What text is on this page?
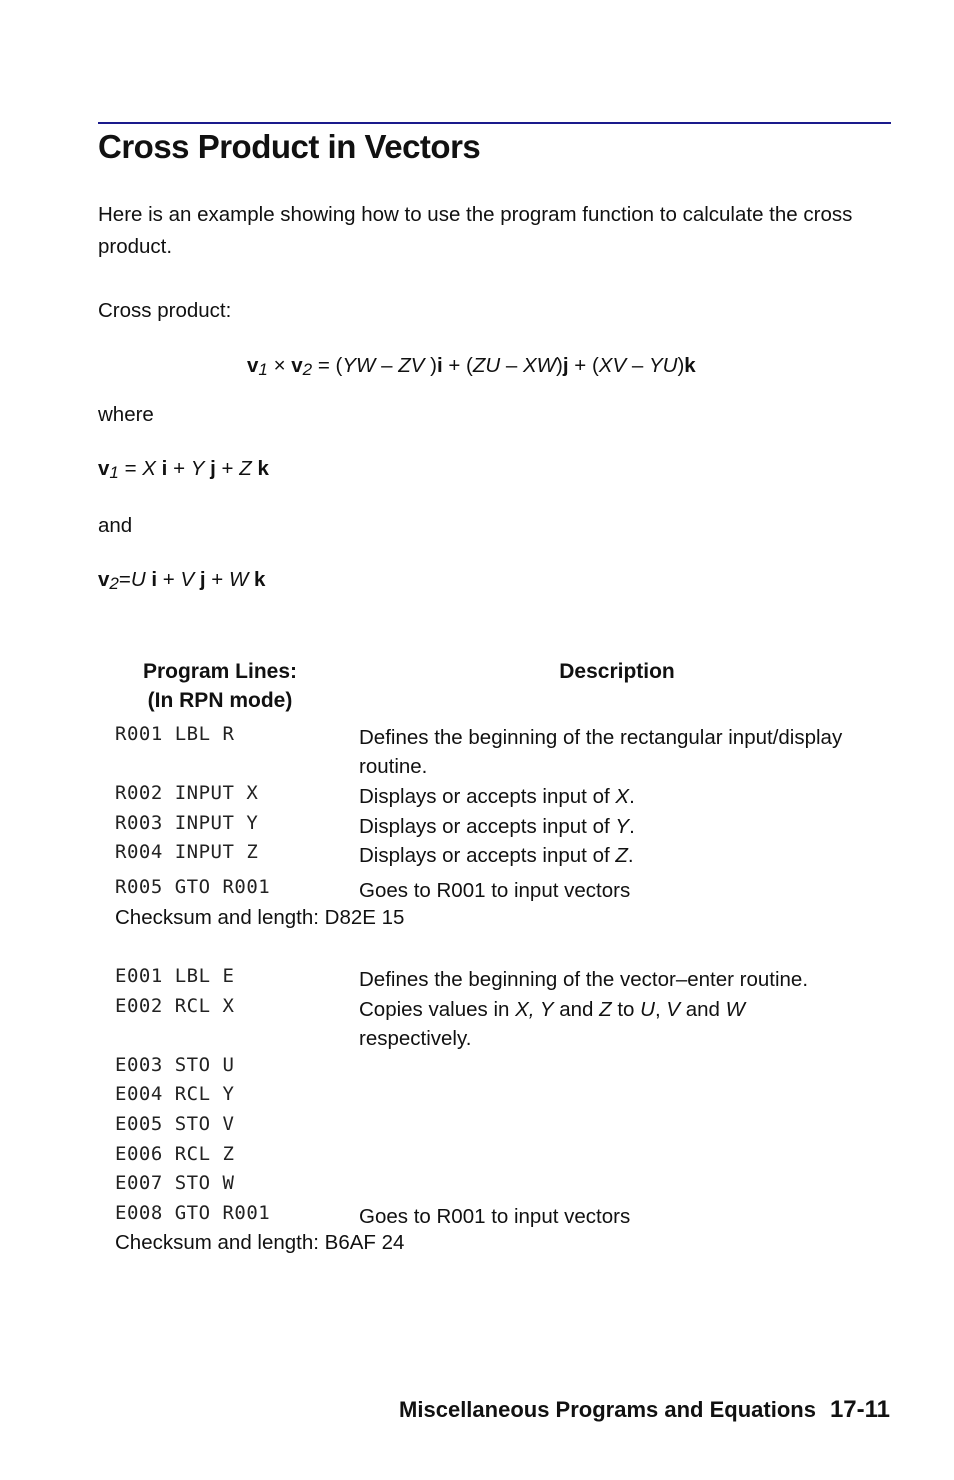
Cross Product in Vectors
Here is an example showing how to use the program function to calculate the cross product.
Cross product:
v1 × v2 = (YW – ZV )i + (ZU – XW)j + (XV – YU)k
where
v1 = X i + Y j + Z k
and
v2=U i + V j + W k
Program Lines:
(In RPN mode)
Description
R001 LBL R	Defines the beginning of the rectangular input/display routine.
R002 INPUT X	Displays or accepts input of X.
R003 INPUT Y	Displays or accepts input of Y.
R004 INPUT Z	Displays or accepts input of Z.
R005 GTO R001	Goes to R001 to input vectors
Checksum and length: D82E 15
E001 LBL E	Defines the beginning of the vector–enter routine.
E002 RCL X	Copies values in X, Y and Z to U, V and W respectively.
E003 STO U
E004 RCL Y
E005 STO V
E006 RCL Z
E007 STO W
E008 GTO R001	Goes to R001 to input vectors
Checksum and length: B6AF 24
Miscellaneous Programs and Equations 17-11
